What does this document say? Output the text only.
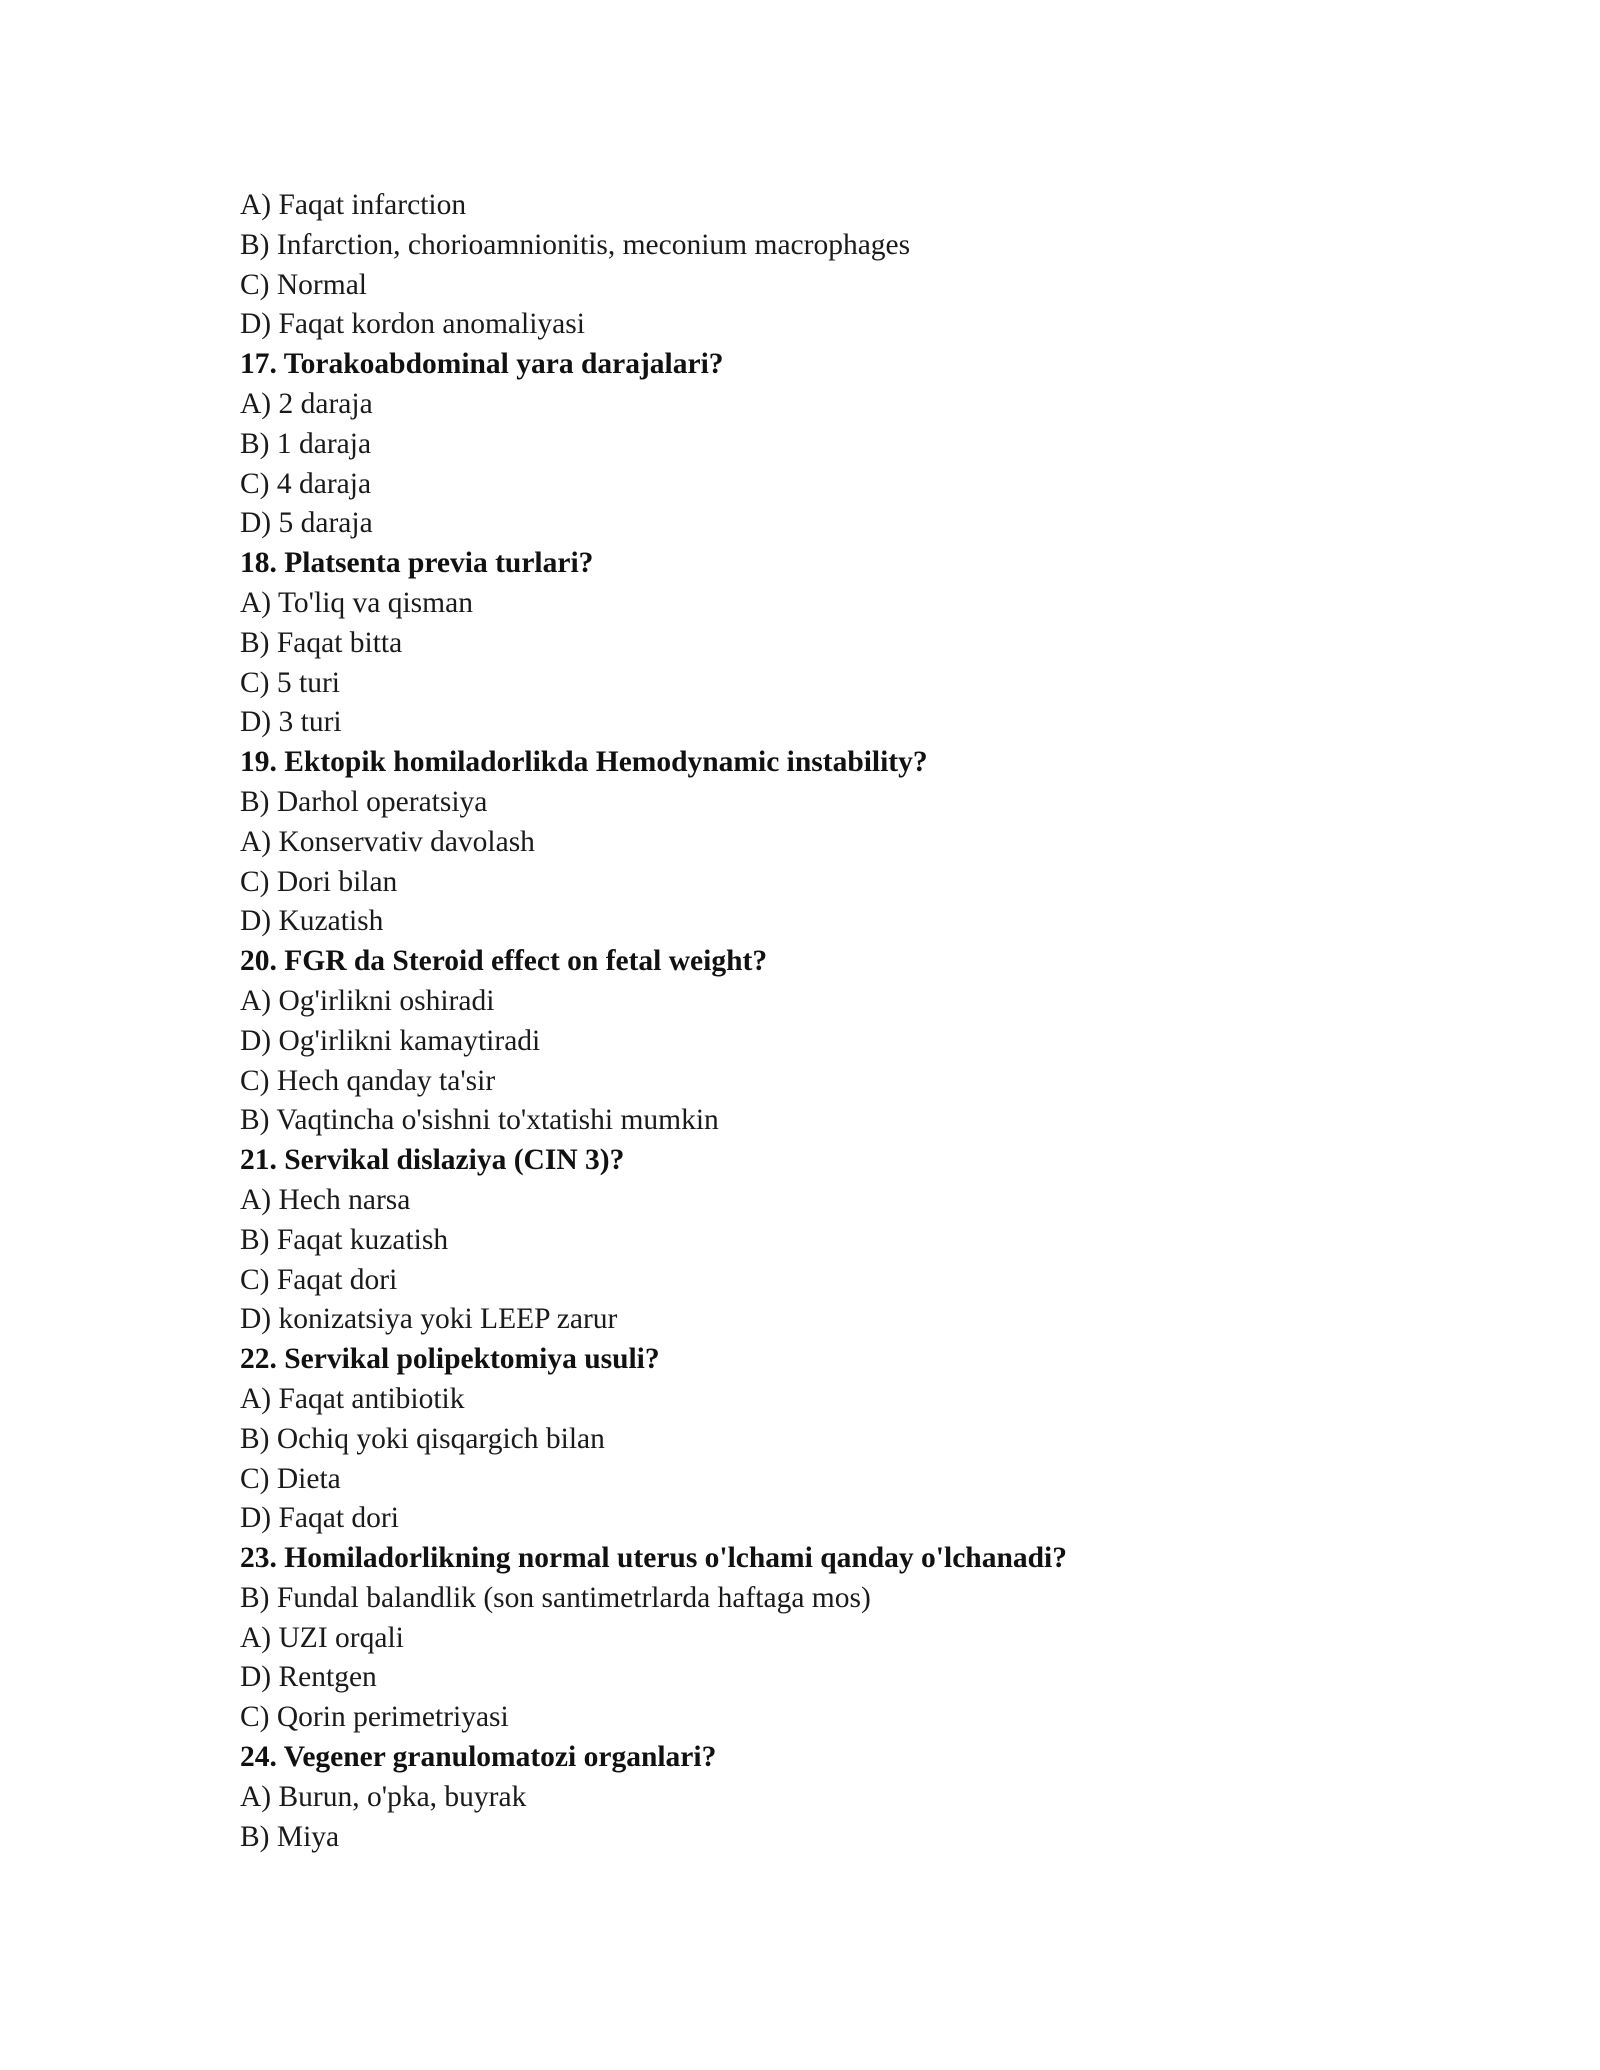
A) Faqat infarction

B) Infarction, chorioamnionitis, meconium macrophages

C) Normal

D) Faqat kordon anomaliyasi

17. Torakoabdominal yara darajalari?

A) 2 daraja

B) 1 daraja

C) 4 daraja

D) 5 daraja

18. Platsenta previa turlari?

A) To'liq va qisman

B) Faqat bitta

C) 5 turi

D) 3 turi

19. Ektopik homiladorlikda Hemodynamic instability?

B) Darhol operatsiya

A) Konservativ davolash

C) Dori bilan

D) Kuzatish

20. FGR da Steroid effect on fetal weight?

A) Og'irlikni oshiradi

D) Og'irlikni kamaytiradi

C) Hech qanday ta'sir

B) Vaqtincha o'sishni to'xtatishi mumkin

21. Servikal dislaziya (CIN 3)?

A) Hech narsa

B) Faqat kuzatish

C) Faqat dori

D) konizatsiya yoki LEEP zarur

22. Servikal polipektomiya usuli?

A) Faqat antibiotik

B) Ochiq yoki qisqargich bilan

C) Dieta

D) Faqat dori

23. Homiladorlikning normal uterus o'lchami qanday o'lchanadi?

B) Fundal balandlik (son santimetrlarda haftaga mos)

A) UZI orqali

D) Rentgen

C) Qorin perimetriyasi

24. Vegener granulomatozi organlari?

A) Burun, o'pka, buyrak

B) Miya
